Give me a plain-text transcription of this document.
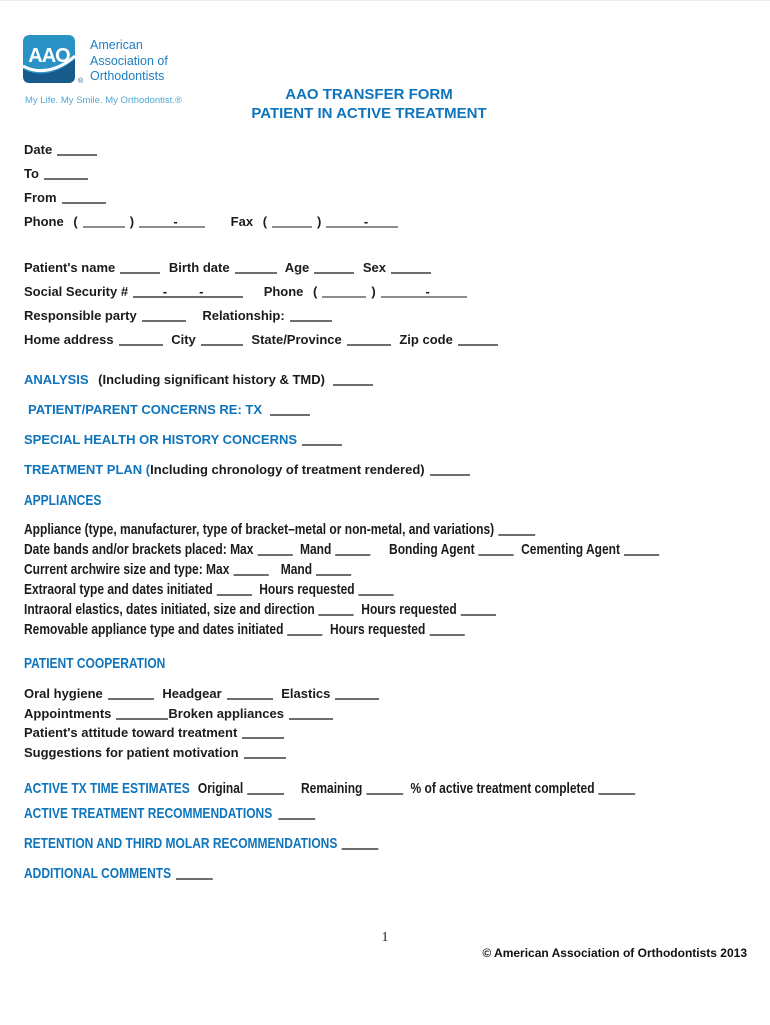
AAO
®
American
Association of
Orthodontists
My Life. My Smile. My Orthodontist.®	AAO TRANSFER FORM
PATIENT IN ACTIVE TREATMENT
Date
To
From
Phone (	)	-	Fax (	)	-
Patient's name	Birth date	Age	Sex
Social Security #	- -	Phone (	)	-
Responsible party	Relationship:
Home address	City	State/Province	Zip code
ANALYSIS (Including significant history & TMD)
PATIENT/PARENT CONCERNS RE: TX
SPECIAL HEALTH OR HISTORY CONCERNS
TREATMENT PLAN (Including chronology of treatment rendered)
APPLIANCES
Appliance (type, manufacturer, type of bracket–metal or non-metal, and variations)
Date bands and/or brackets placed: Max	Mand	Bonding Agent	Cementing Agent
Current archwire size and type: Max	Mand
Extraoral type and dates initiated	Hours requested
Intraoral elastics, dates initiated, size and direction	Hours requested
Removable appliance type and dates initiated	Hours requested
PATIENT COOPERATION
Oral hygiene	Headgear	Elastics
Appointments	Broken appliances
Patient's attitude toward treatment
Suggestions for patient motivation
ACTIVE TX TIME ESTIMATES Original	Remaining	% of active treatment completed
ACTIVE TREATMENT RECOMMENDATIONS
RETENTION AND THIRD MOLAR RECOMMENDATIONS
ADDITIONAL COMMENTS
1
© American Association of Orthodontists 2013
